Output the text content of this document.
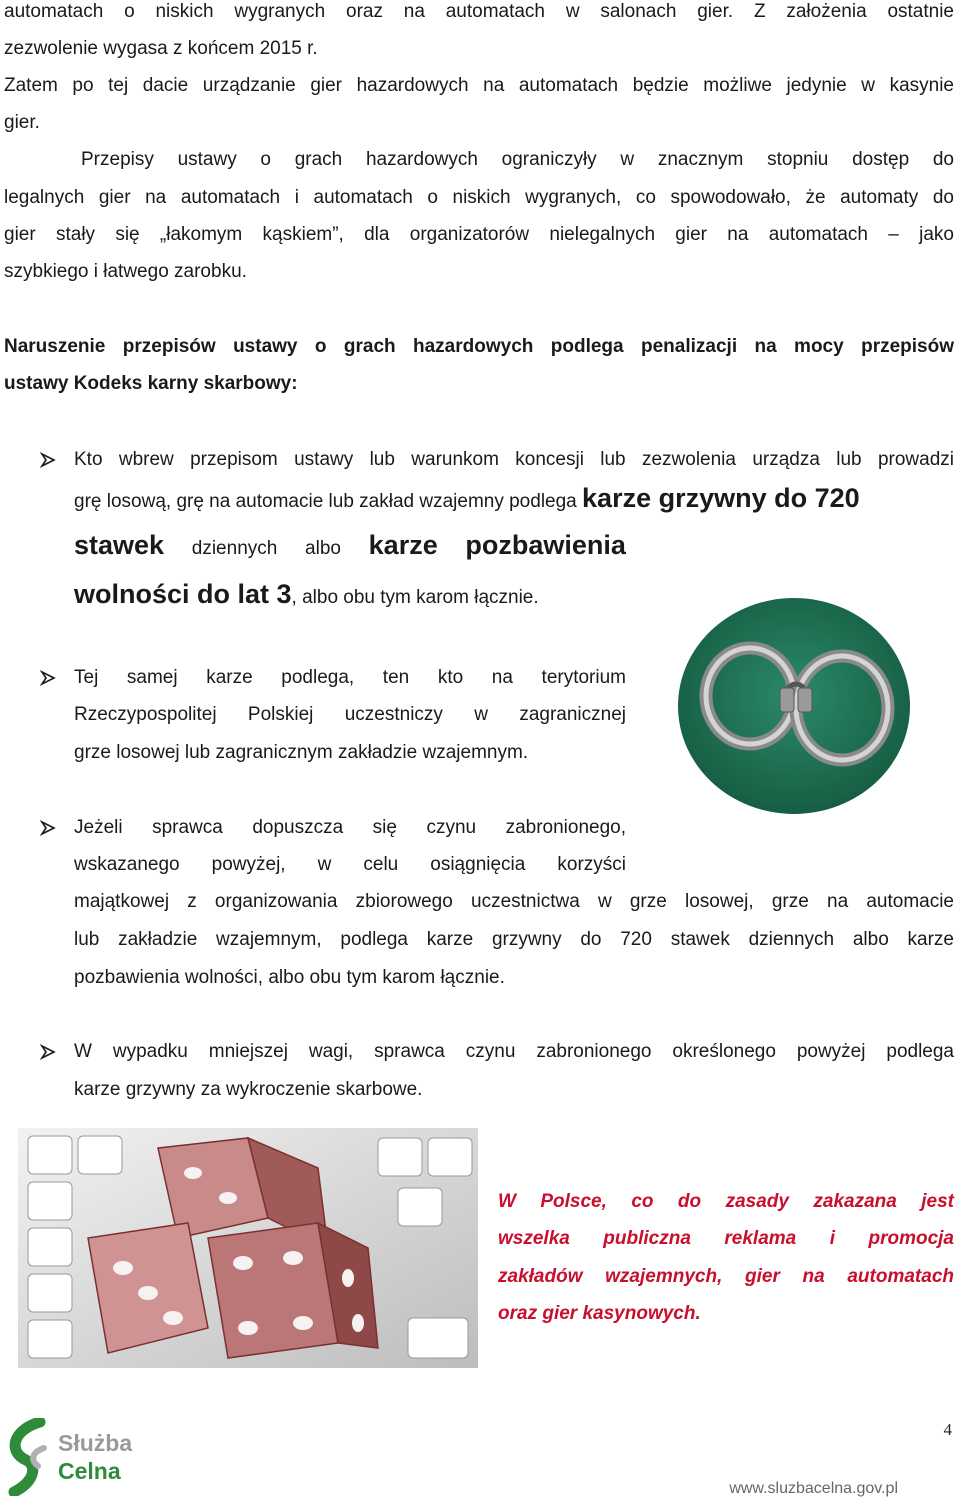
automatach o niskich wygranych oraz na automatach w salonach gier. Z założenia ostatnie
zezwolenie wygasa z końcem 2015 r.
Zatem po tej dacie urządzanie gier hazardowych na automatach będzie możliwe jedynie w kasynie
gier.
Przepisy ustawy o grach hazardowych ograniczyły w znacznym stopniu dostęp do
legalnych gier na automatach i automatach o niskich wygranych, co spowodowało, że automaty do
gier stały się „łakomym kąskiem”, dla organizatorów nielegalnych gier na automatach – jako
szybkiego i łatwego zarobku.
Naruszenie przepisów ustawy o grach hazardowych podlega penalizacji na mocy przepisów
ustawy Kodeks karny skarbowy:
Kto wbrew przepisom ustawy lub warunkom koncesji lub zezwolenia urządza lub prowadzi
grę losową, grę na automacie lub zakład wzajemny podlega karze grzywny do 720
stawek dziennych albo karze pozbawienia
wolności do lat 3, albo obu tym karom łącznie.
Tej samej karze podlega, ten kto na terytorium
Rzeczypospolitej Polskiej uczestniczy w zagranicznej
grze losowej lub zagranicznym zakładzie wzajemnym.
Jeżeli sprawca dopuszcza się czynu zabronionego,
wskazanego powyżej, w celu osiągnięcia korzyści
majątkowej z organizowania zbiorowego uczestnictwa w grze losowej, grze na automacie
lub zakładzie wzajemnym, podlega karze grzywny do 720 stawek dziennych albo karze
pozbawienia wolności, albo obu tym karom łącznie.
W wypadku mniejszej wagi, sprawca czynu zabronionego określonego powyżej podlega
karze grzywny za wykroczenie skarbowe.
W Polsce, co do zasady zakazana jest
wszelka publiczna reklama i promocja
zakładów wzajemnych, gier na automatach
oraz gier kasynowych.
Służba
Celna
4
www.sluzbacelna.gov.pl
